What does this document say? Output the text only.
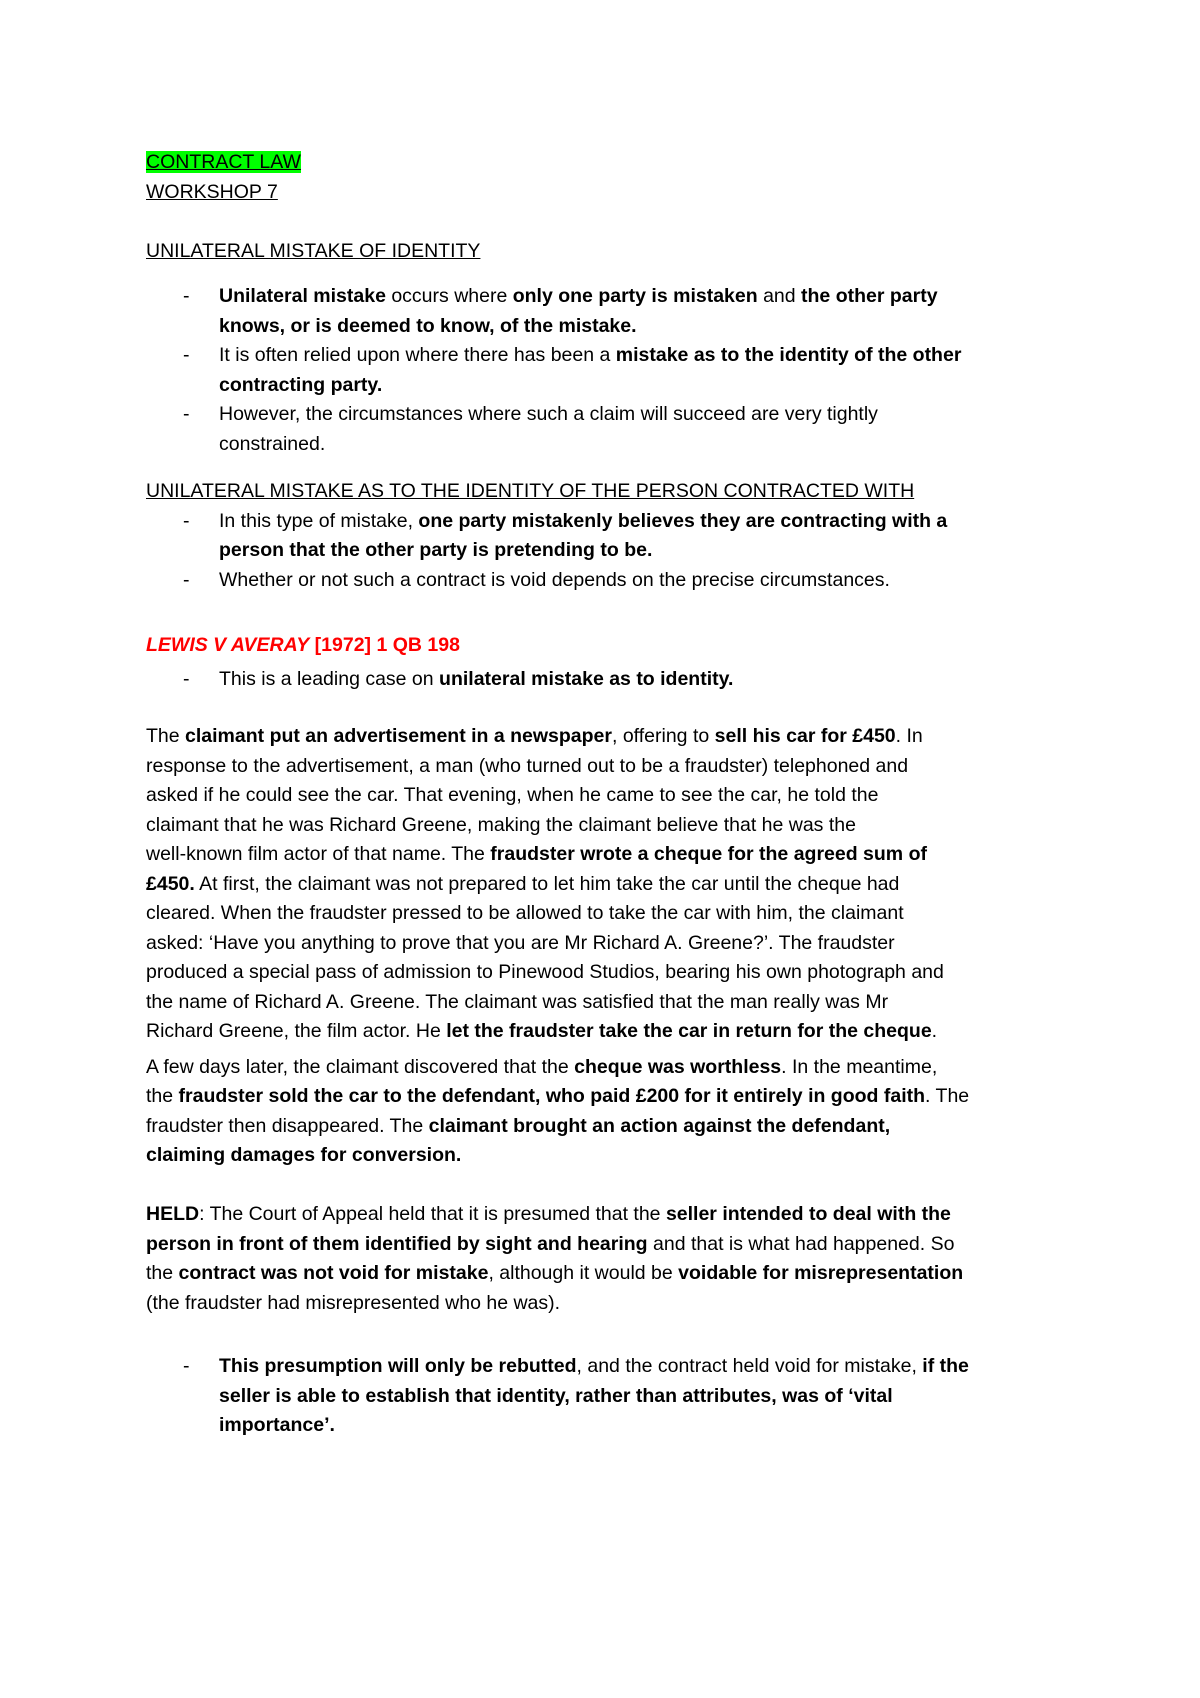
CONTRACT LAW
WORKSHOP 7
UNILATERAL MISTAKE OF IDENTITY
- Unilateral mistake occurs where only one party is mistaken and the other party
knows, or is deemed to know, of the mistake.
- It is often relied upon where there has been a mistake as to the identity of the other
contracting party.
- However, the circumstances where such a claim will succeed are very tightly
constrained.
UNILATERAL MISTAKE AS TO THE IDENTITY OF THE PERSON CONTRACTED WITH
- In this type of mistake, one party mistakenly believes they are contracting with a
person that the other party is pretending to be.
- Whether or not such a contract is void depends on the precise circumstances.
LEWIS V AVERAY [1972] 1 QB 198
- This is a leading case on unilateral mistake as to identity.

The claimant put an advertisement in a newspaper, offering to sell his car for £450. In
response to the advertisement, a man (who turned out to be a fraudster) telephoned and
asked if he could see the car. That evening, when he came to see the car, he told the
claimant that he was Richard Greene, making the claimant believe that he was the
well-known film actor of that name. The fraudster wrote a cheque for the agreed sum of
£450. At first, the claimant was not prepared to let him take the car until the cheque had
cleared. When the fraudster pressed to be allowed to take the car with him, the claimant
asked: ‘Have you anything to prove that you are Mr Richard A. Greene?’. The fraudster
produced a special pass of admission to Pinewood Studios, bearing his own photograph and
the name of Richard A. Greene. The claimant was satisfied that the man really was Mr
Richard Greene, the film actor. He let the fraudster take the car in return for the cheque.

A few days later, the claimant discovered that the cheque was worthless. In the meantime,
the fraudster sold the car to the defendant, who paid £200 for it entirely in good faith. The
fraudster then disappeared. The claimant brought an action against the defendant,
claiming damages for conversion.

HELD: The Court of Appeal held that it is presumed that the seller intended to deal with the
person in front of them identified by sight and hearing and that is what had happened. So
the contract was not void for mistake, although it would be voidable for misrepresentation
(the fraudster had misrepresented who he was).

- This presumption will only be rebutted, and the contract held void for mistake, if the
seller is able to establish that identity, rather than attributes, was of ‘vital
importance’.
